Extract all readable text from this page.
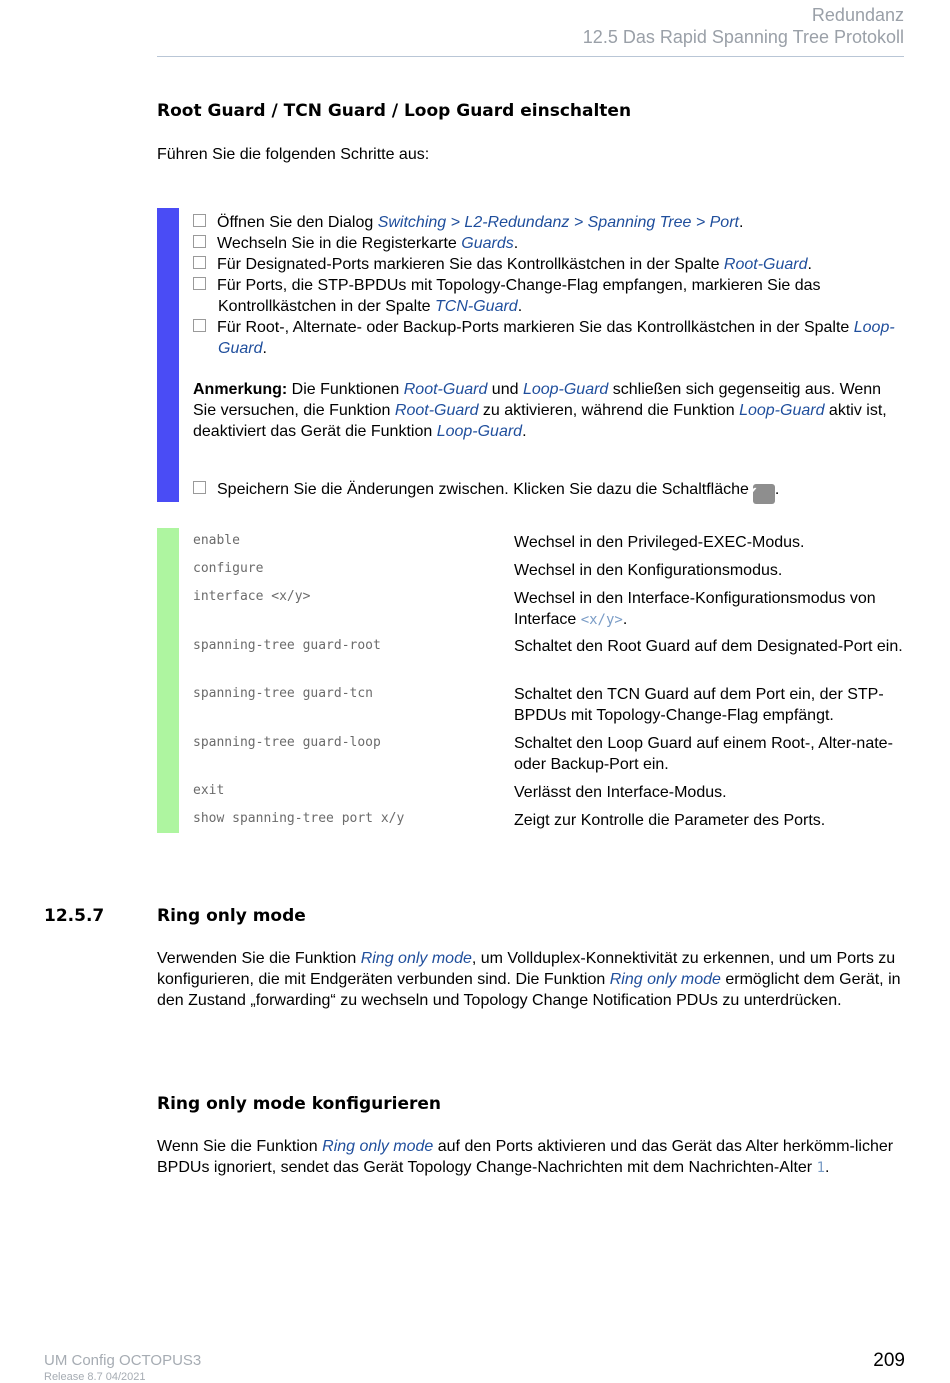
Redundanz
12.5 Das Rapid Spanning Tree Protokoll
Root Guard / TCN Guard / Loop Guard einschalten
Führen Sie die folgenden Schritte aus:
Öffnen Sie den Dialog Switching > L2-Redundanz > Spanning Tree > Port.
Wechseln Sie in die Registerkarte Guards.
Für Designated-Ports markieren Sie das Kontrollkästchen in der Spalte Root-Guard.
Für Ports, die STP-BPDUs mit Topology-Change-Flag empfangen, markieren Sie das Kontrollkästchen in der Spalte TCN-Guard.
Für Root-, Alternate- oder Backup-Ports markieren Sie das Kontrollkästchen in der Spalte Loop-Guard.
Anmerkung: Die Funktionen Root-Guard und Loop-Guard schließen sich gegenseitig aus. Wenn Sie versuchen, die Funktion Root-Guard zu aktivieren, während die Funktion Loop-Guard aktiv ist, deaktiviert das Gerät die Funktion Loop-Guard.
Speichern Sie die Änderungen zwischen. Klicken Sie dazu die Schaltfläche✔ .
enable	Wechsel in den Privileged-EXEC-Modus.
configure	Wechsel in den Konfigurationsmodus.
interface <x/y>	Wechsel in den Interface-Konfigurationsmodus von Interface <x/y>.
spanning-tree guard-root	Schaltet den Root Guard auf dem Designated-Port ein.
spanning-tree guard-tcn	Schaltet den TCN Guard auf dem Port ein, der STP-BPDUs mit Topology-Change-Flag empfängt.
spanning-tree guard-loop	Schaltet den Loop Guard auf einem Root-, Alter-nate- oder Backup-Port ein.
exit	Verlässt den Interface-Modus.
show spanning-tree port x/y	Zeigt zur Kontrolle die Parameter des Ports.
12.5.7	Ring only mode
Verwenden Sie die Funktion Ring only mode, um Vollduplex-Konnektivität zu erkennen, und um Ports zu konfigurieren, die mit Endgeräten verbunden sind. Die Funktion Ring only mode ermöglicht dem Gerät, in den Zustand „forwarding“ zu wechseln und Topology Change Notification PDUs zu unterdrücken.
Ring only mode konfigurieren
Wenn Sie die Funktion Ring only mode auf den Ports aktivieren und das Gerät das Alter herkömm-licher BPDUs ignoriert, sendet das Gerät Topology Change-Nachrichten mit dem Nachrichten-Alter 1.
UM Config OCTOPUS3
Release 8.7 04/2021
209
